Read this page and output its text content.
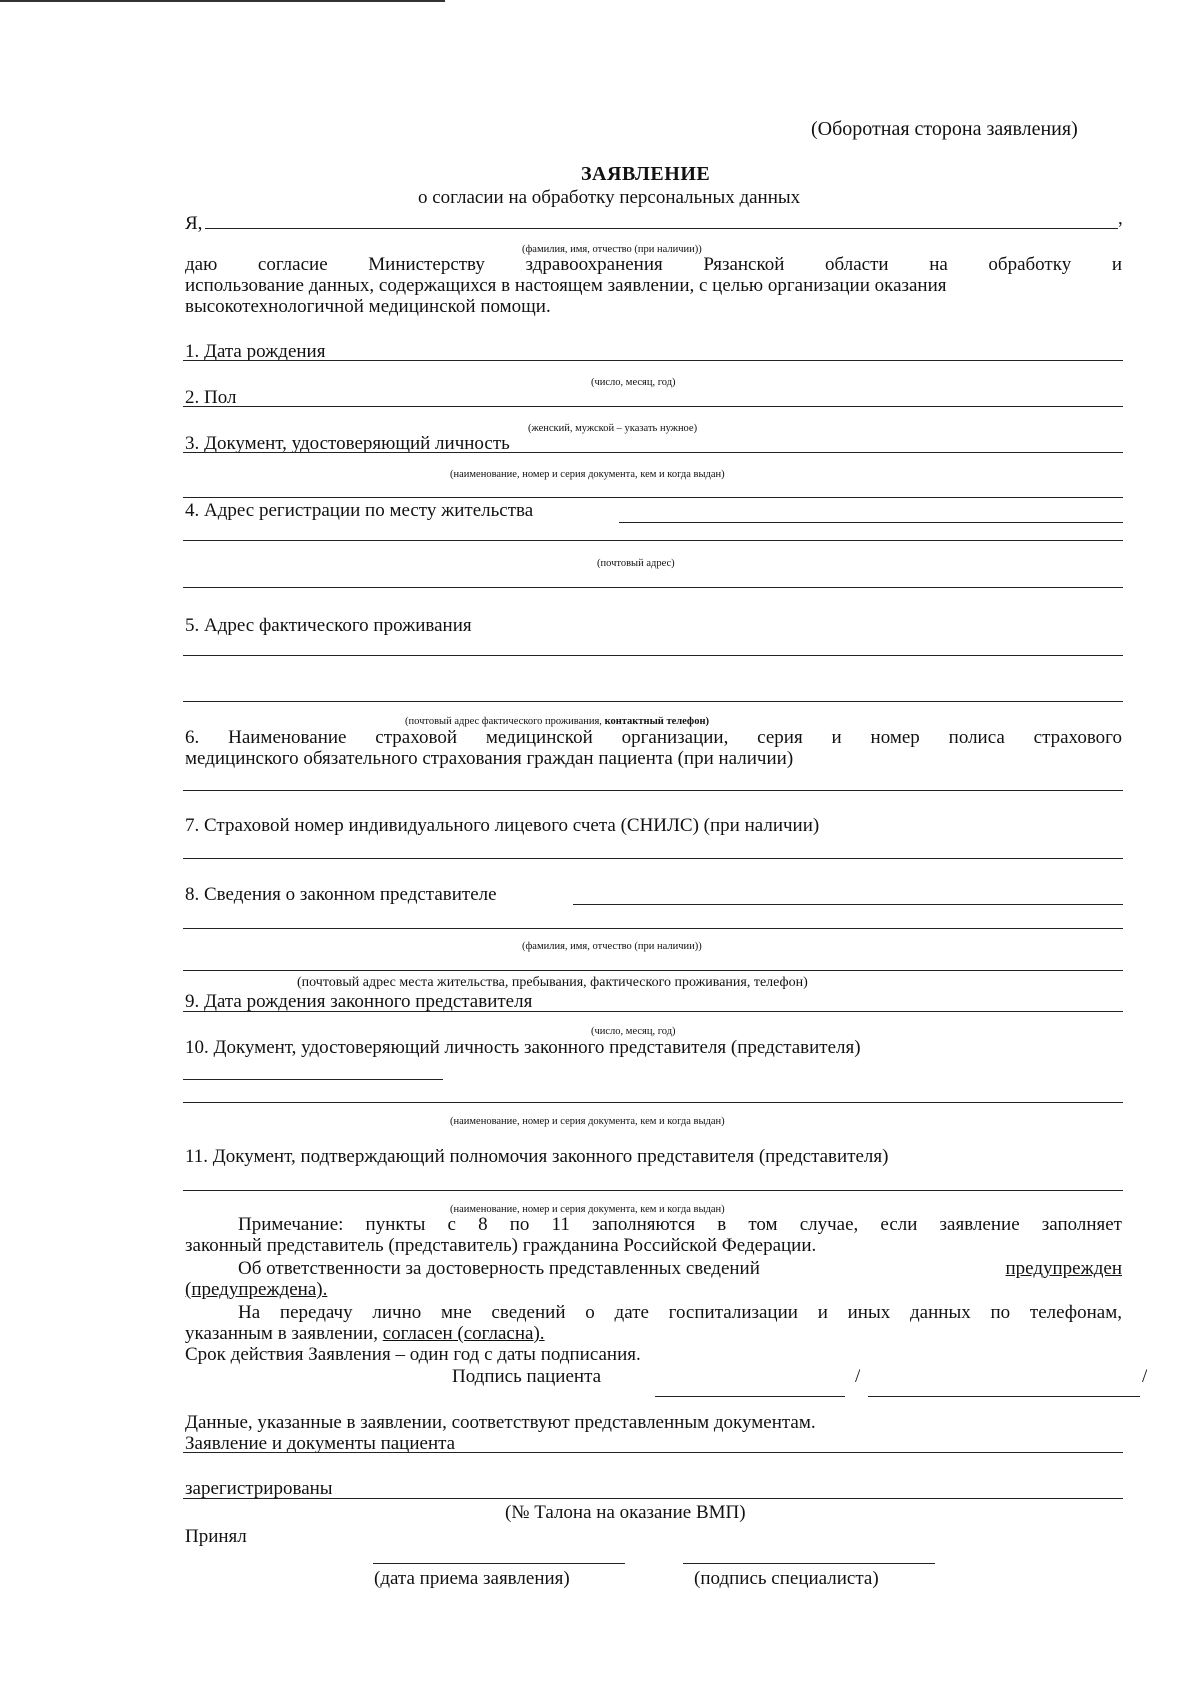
(Оборотная сторона заявления)
ЗАЯВЛЕНИЕ
о согласии на обработку персональных данных
Я,	,
(фамилия, имя, отчество (при наличии))
даю согласие Министерству здравоохранения Рязанской области на обработку и
использование данных, содержащихся в настоящем заявлении, с целью организации оказания
высокотехнологичной медицинской помощи.
1. Дата рождения
(число, месяц, год)
2. Пол
(женский, мужской – указать нужное)
3. Документ, удостоверяющий личность
(наименование, номер и серия документа, кем и когда выдан)
4. Адрес регистрации по месту жительства
(почтовый адрес)
5. Адрес фактического проживания
(почтовый адрес фактического проживания, контактный телефон)
6. Наименование страховой медицинской организации, серия и номер полиса страхового
медицинского обязательного страхования граждан пациента (при наличии)
7. Страховой номер индивидуального лицевого счета (СНИЛС) (при наличии)
8. Сведения о законном представителе
(фамилия, имя, отчество (при наличии))
(почтовый адрес места жительства, пребывания, фактического проживания, телефон)
9. Дата рождения законного представителя
(число, месяц, год)
10. Документ, удостоверяющий личность законного представителя (представителя)
(наименование, номер и серия документа, кем и когда выдан)
11. Документ, подтверждающий полномочия законного представителя (представителя)
(наименование, номер и серия документа, кем и когда выдан)
Примечание: пункты с 8 по 11 заполняются в том случае, если заявление заполняет
законный представитель (представитель) гражданина Российской Федерации.
Об ответственности за достоверность представленных сведений	предупрежден
(предупреждена).
На передачу лично мне сведений о дате госпитализации и иных данных по телефонам,
указанным в заявлении, согласен (согласна).
Срок действия Заявления – один год с даты подписания.
Подпись пациента	/	/
Данные, указанные в заявлении, соответствуют представленным документам.
Заявление и документы пациента
зарегистрированы
(№ Талона на оказание ВМП)
Принял
(дата приема заявления)	(подпись специалиста)
